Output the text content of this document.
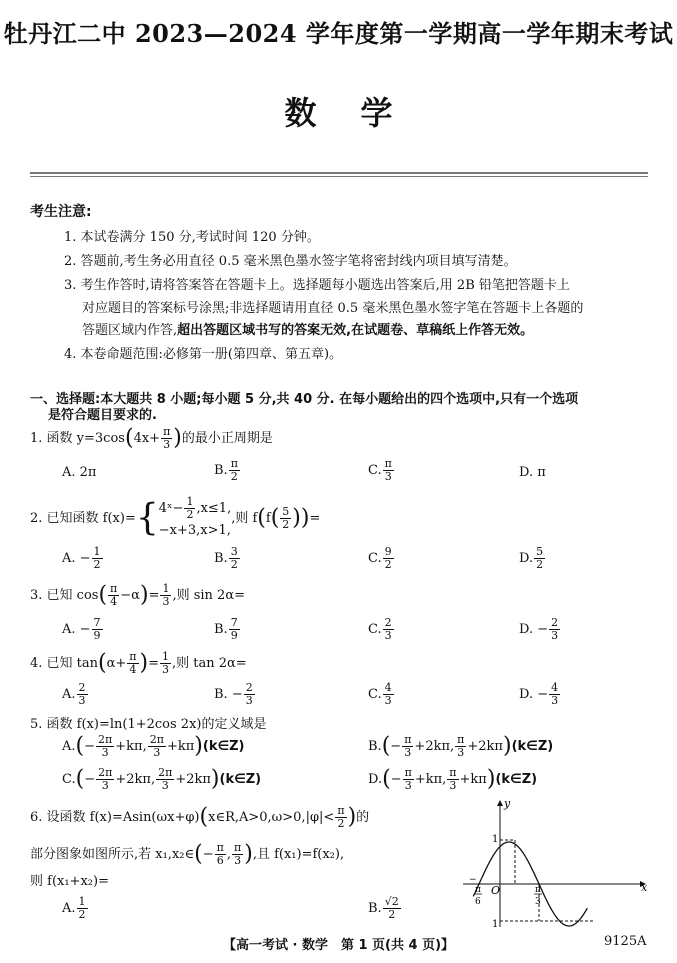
牡丹江二中 2023—2024 学年度第一学期高一学年期末考试
数学
考生注意:
1. 本试卷满分 150 分,考试时间 120 分钟。
2. 答题前,考生务必用直径 0.5 毫米黑色墨水签字笔将密封线内项目填写清楚。
3. 考生作答时,请将答案答在答题卡上。选择题每小题选出答案后,用 2B 铅笔把答题卡上
对应题目的答案标号涂黑;非选择题请用直径 0.5 毫米黑色墨水签字笔在答题卡上各题的
答题区域内作答,超出答题区域书写的答案无效,在试题卷、草稿纸上作答无效。
4. 本卷命题范围:必修第一册(第四章、第五章)。
一、选择题:本大题共 8 小题;每小题 5 分,共 40 分. 在每小题给出的四个选项中,只有一个选项
是符合题目要求的.
1. 函数 $y=3\cos(4x+ \frac{\pi}{3}$ )的最小正周期是
A. 2π	B. $\frac{\pi}{2}$	C. $\frac{\pi}{3}$	D. π
2. 已知函数 f(x)={ 4ˣ− $\frac{1}{2} ,x\le 1$,
−x+3,x>1,
,则 $f(f( \frac{5}{2}$ ))=
A. − $\frac{1}{2}$	B. $\frac{3}{2}$	C. $\frac{9}{2}$	D. $\frac{5}{2}$
3. 已知 $\cos( \frac{\pi}{4} -\alpha)= \frac{1}{3}$ ,则 sin 2α=
A. − $\frac{7}{9}$	B. $\frac{7}{9}$	C. $\frac{2}{3}$	D. − $\frac{2}{3}$
4. 已知 $\tan(\alpha+ \frac{\pi}{4}$ )= $\frac{1}{3}$ ,则 tan 2α=
A. $\frac{2}{3}$	B. − $\frac{2}{3}$	C. $\frac{4}{3}$	D. − $\frac{4}{3}$
5. 函数 f(x)=ln(1+2cos 2x)的定义域是
$A.(- \frac{2\pi}{3} +k\pi$, $\frac{2\pi}{3}$ +kπ)(k∈Z)	$B.(- \frac{\pi}{3} +2k\pi$, $\frac{\pi}{3}$ +2kπ)(k∈Z)
$C.(- \frac{2\pi}{3} +2k\pi$, $\frac{2\pi}{3}$ +2kπ)(k∈Z)	$D.(- \frac{\pi}{3} +k\pi$, $\frac{\pi}{3}$ +kπ)(k∈Z)
6. 设函数 f(x)=Asin(ωx+φ)(x∈R,A>0,ω>0,|φ|< $\frac{\pi}{2}$ )的
部分图象如图所示,若 x₁,x₂∈(− $\frac{\pi}{6}$ , $\frac{\pi}{3}$ ),且 f(x₁)=f(x₂),
则 f(x₁+x₂)=
A. $\frac{1}{2}$	B. $\frac{√2}{2}$
x
y
O
1
1
−
π
6
π
3
【高一考试 · 数学　第 1 页(共 4 页)】	9125A
